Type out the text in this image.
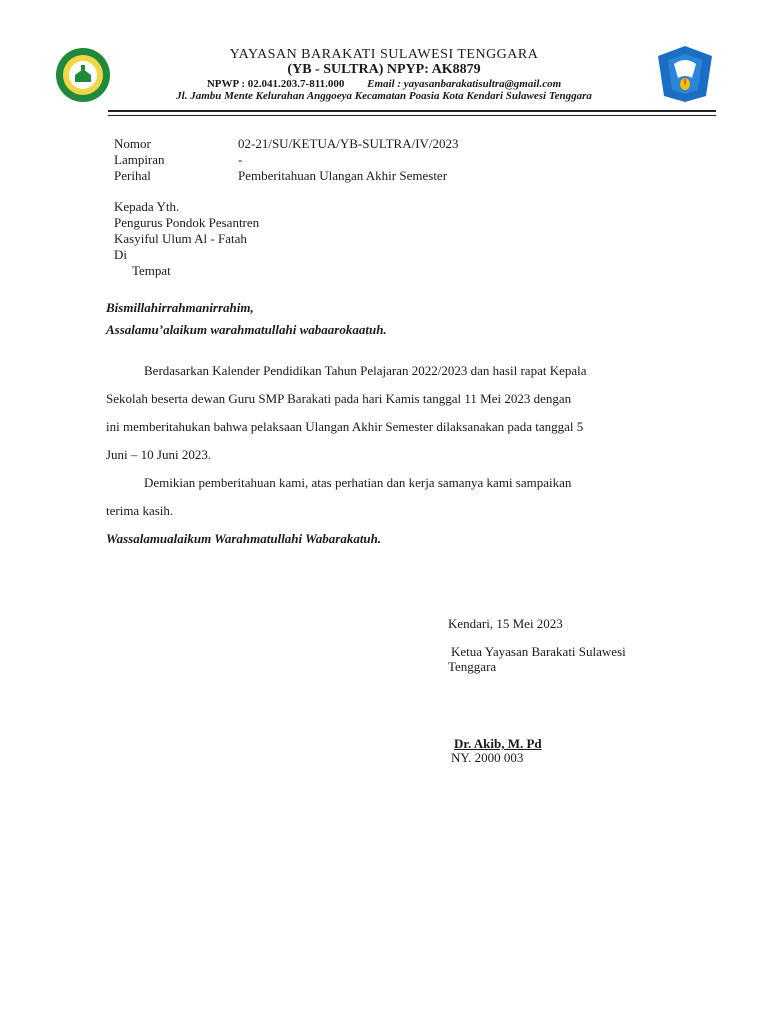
YAYASAN BARAKATI SULAWESI TENGGARA
(YB - SULTRA) NPYP: AK8879
NPWP : 02.041.203.7-811.000 Email : yayasanbarakatisultra@gmail.com
Jl. Jambu Mente Kelurahan Anggoeya Kecamatan Poasia Kota Kendari Sulawesi Tenggara
Nomor	02-21/SU/KETUA/YB-SULTRA/IV/2023
Lampiran	-
Perihal	Pemberitahuan Ulangan Akhir Semester
Kepada Yth.
Pengurus Pondok Pesantren
Kasyiful Ulum Al - Fatah
Di
Tempat
Bismillahirrahmanirrahim,
Assalamu’alaikum warahmatullahi wabaarokaatuh.
Berdasarkan Kalender Pendidikan Tahun Pelajaran 2022/2023 dan hasil rapat Kepala
Sekolah beserta dewan Guru SMP Barakati pada hari Kamis tanggal 11 Mei 2023 dengan
ini memberitahukan bahwa pelaksaan Ulangan Akhir Semester dilaksanakan pada tanggal 5
Juni – 10 Juni 2023.
Demikian pemberitahuan kami, atas perhatian dan kerja samanya kami sampaikan
terima kasih.
Wassalamualaikum Warahmatullahi Wabarakatuh.
Kendari, 15 Mei 2023
Ketua Yayasan Barakati Sulawesi
Tenggara
Dr. Akib, M. Pd
NY. 2000 003
